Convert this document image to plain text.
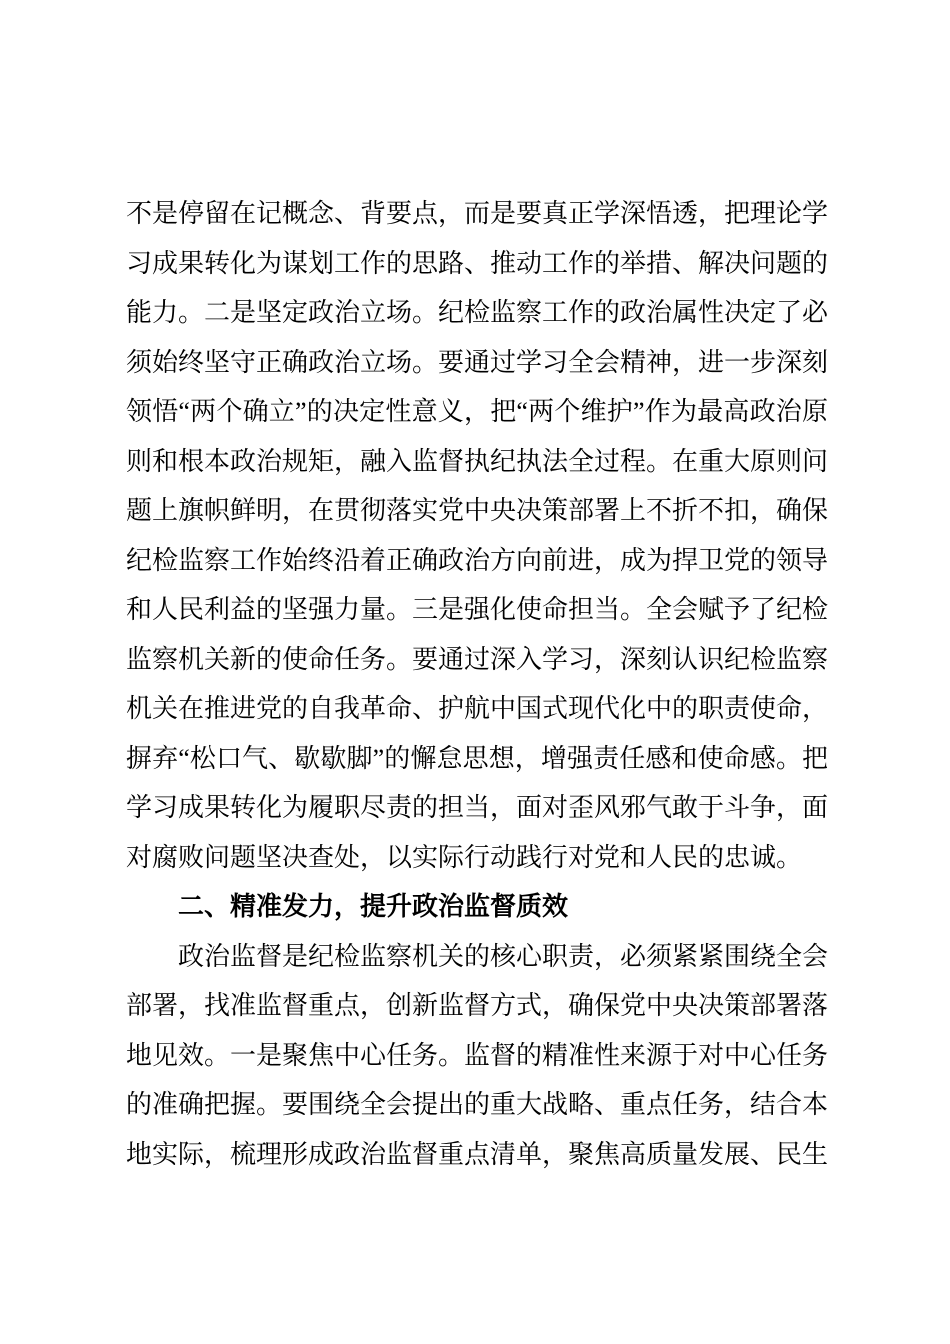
不是停留在记概念、背要点，而是要真正学深悟透，把理论学
习成果转化为谋划工作的思路、推动工作的举措、解决问题的
能力。二是坚定政治立场。纪检监察工作的政治属性决定了必
须始终坚守正确政治立场。要通过学习全会精神，进一步深刻
领悟“两个确立”的决定性意义，把“两个维护”作为最高政治原
则和根本政治规矩，融入监督执纪执法全过程。在重大原则问
题上旗帜鲜明，在贯彻落实党中央决策部署上不折不扣，确保
纪检监察工作始终沿着正确政治方向前进，成为捍卫党的领导
和人民利益的坚强力量。三是强化使命担当。全会赋予了纪检
监察机关新的使命任务。要通过深入学习，深刻认识纪检监察
机关在推进党的自我革命、护航中国式现代化中的职责使命，
摒弃“松口气、歇歇脚”的懈怠思想，增强责任感和使命感。把
学习成果转化为履职尽责的担当，面对歪风邪气敢于斗争，面
对腐败问题坚决查处，以实际行动践行对党和人民的忠诚。
二、精准发力，提升政治监督质效
政治监督是纪检监察机关的核心职责，必须紧紧围绕全会
部署，找准监督重点，创新监督方式，确保党中央决策部署落
地见效。一是聚焦中心任务。监督的精准性来源于对中心任务
的准确把握。要围绕全会提出的重大战略、重点任务，结合本
地实际，梳理形成政治监督重点清单，聚焦高质量发展、民生
